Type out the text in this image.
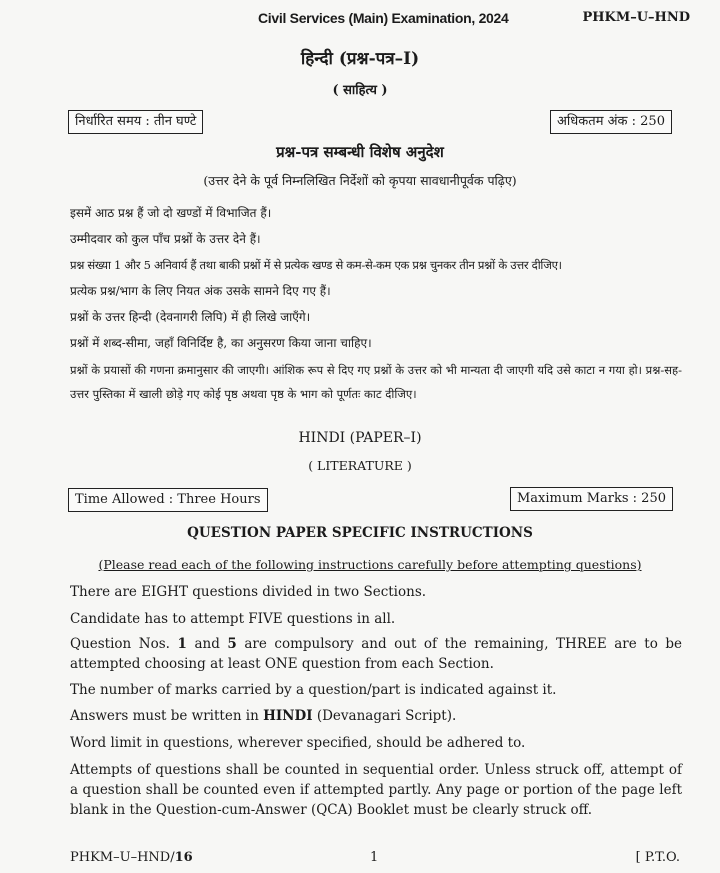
Civil Services (Main) Examination, 2024	PHKM–U–HND
हिन्दी (प्रश्न-पत्र–I)
( साहित्य )
निर्धारित समय : तीन घण्टे	अधिकतम अंक : 250
प्रश्न-पत्र सम्बन्धी विशेष अनुदेश
(उत्तर देने के पूर्व निम्नलिखित निर्देशों को कृपया सावधानीपूर्वक पढ़िए)

इसमें आठ प्रश्न हैं जो दो खण्डों में विभाजित हैं।

उम्मीदवार को कुल पाँच प्रश्नों के उत्तर देने हैं।

प्रश्न संख्या 1 और 5 अनिवार्य हैं तथा बाकी प्रश्नों में से प्रत्येक खण्ड से कम-से-कम एक प्रश्न चुनकर तीन प्रश्नों के उत्तर दीजिए।

प्रत्येक प्रश्न/भाग के लिए नियत अंक उसके सामने दिए गए हैं।

प्रश्नों के उत्तर हिन्दी (देवनागरी लिपि) में ही लिखे जाएँगे।

प्रश्नों में शब्द-सीमा, जहाँ विनिर्दिष्ट है, का अनुसरण किया जाना चाहिए।

प्रश्नों के प्रयासों की गणना क्रमानुसार की जाएगी। आंशिक रूप से दिए गए प्रश्नों के उत्तर को भी मान्यता दी जाएगी यदि उसे काटा न गया हो। प्रश्न-सह-उत्तर पुस्तिका में खाली छोड़े गए कोई पृष्ठ अथवा पृष्ठ के भाग को पूर्णतः काट दीजिए।

HINDI (PAPER–I)
( LITERATURE )
Time Allowed : Three Hours	Maximum Marks : 250
QUESTION PAPER SPECIFIC INSTRUCTIONS
(Please read each of the following instructions carefully before attempting questions)

There are EIGHT questions divided in two Sections.

Candidate has to attempt FIVE questions in all.

Question Nos. 1 and 5 are compulsory and out of the remaining, THREE are to be attempted choosing at least ONE question from each Section.

The number of marks carried by a question/part is indicated against it.

Answers must be written in HINDI (Devanagari Script).

Word limit in questions, wherever specified, should be adhered to.

Attempts of questions shall be counted in sequential order. Unless struck off, attempt of a question shall be counted even if attempted partly. Any page or portion of the page left blank in the Question-cum-Answer (QCA) Booklet must be clearly struck off.

PHKM–U–HND/16	1	[ P.T.O.
